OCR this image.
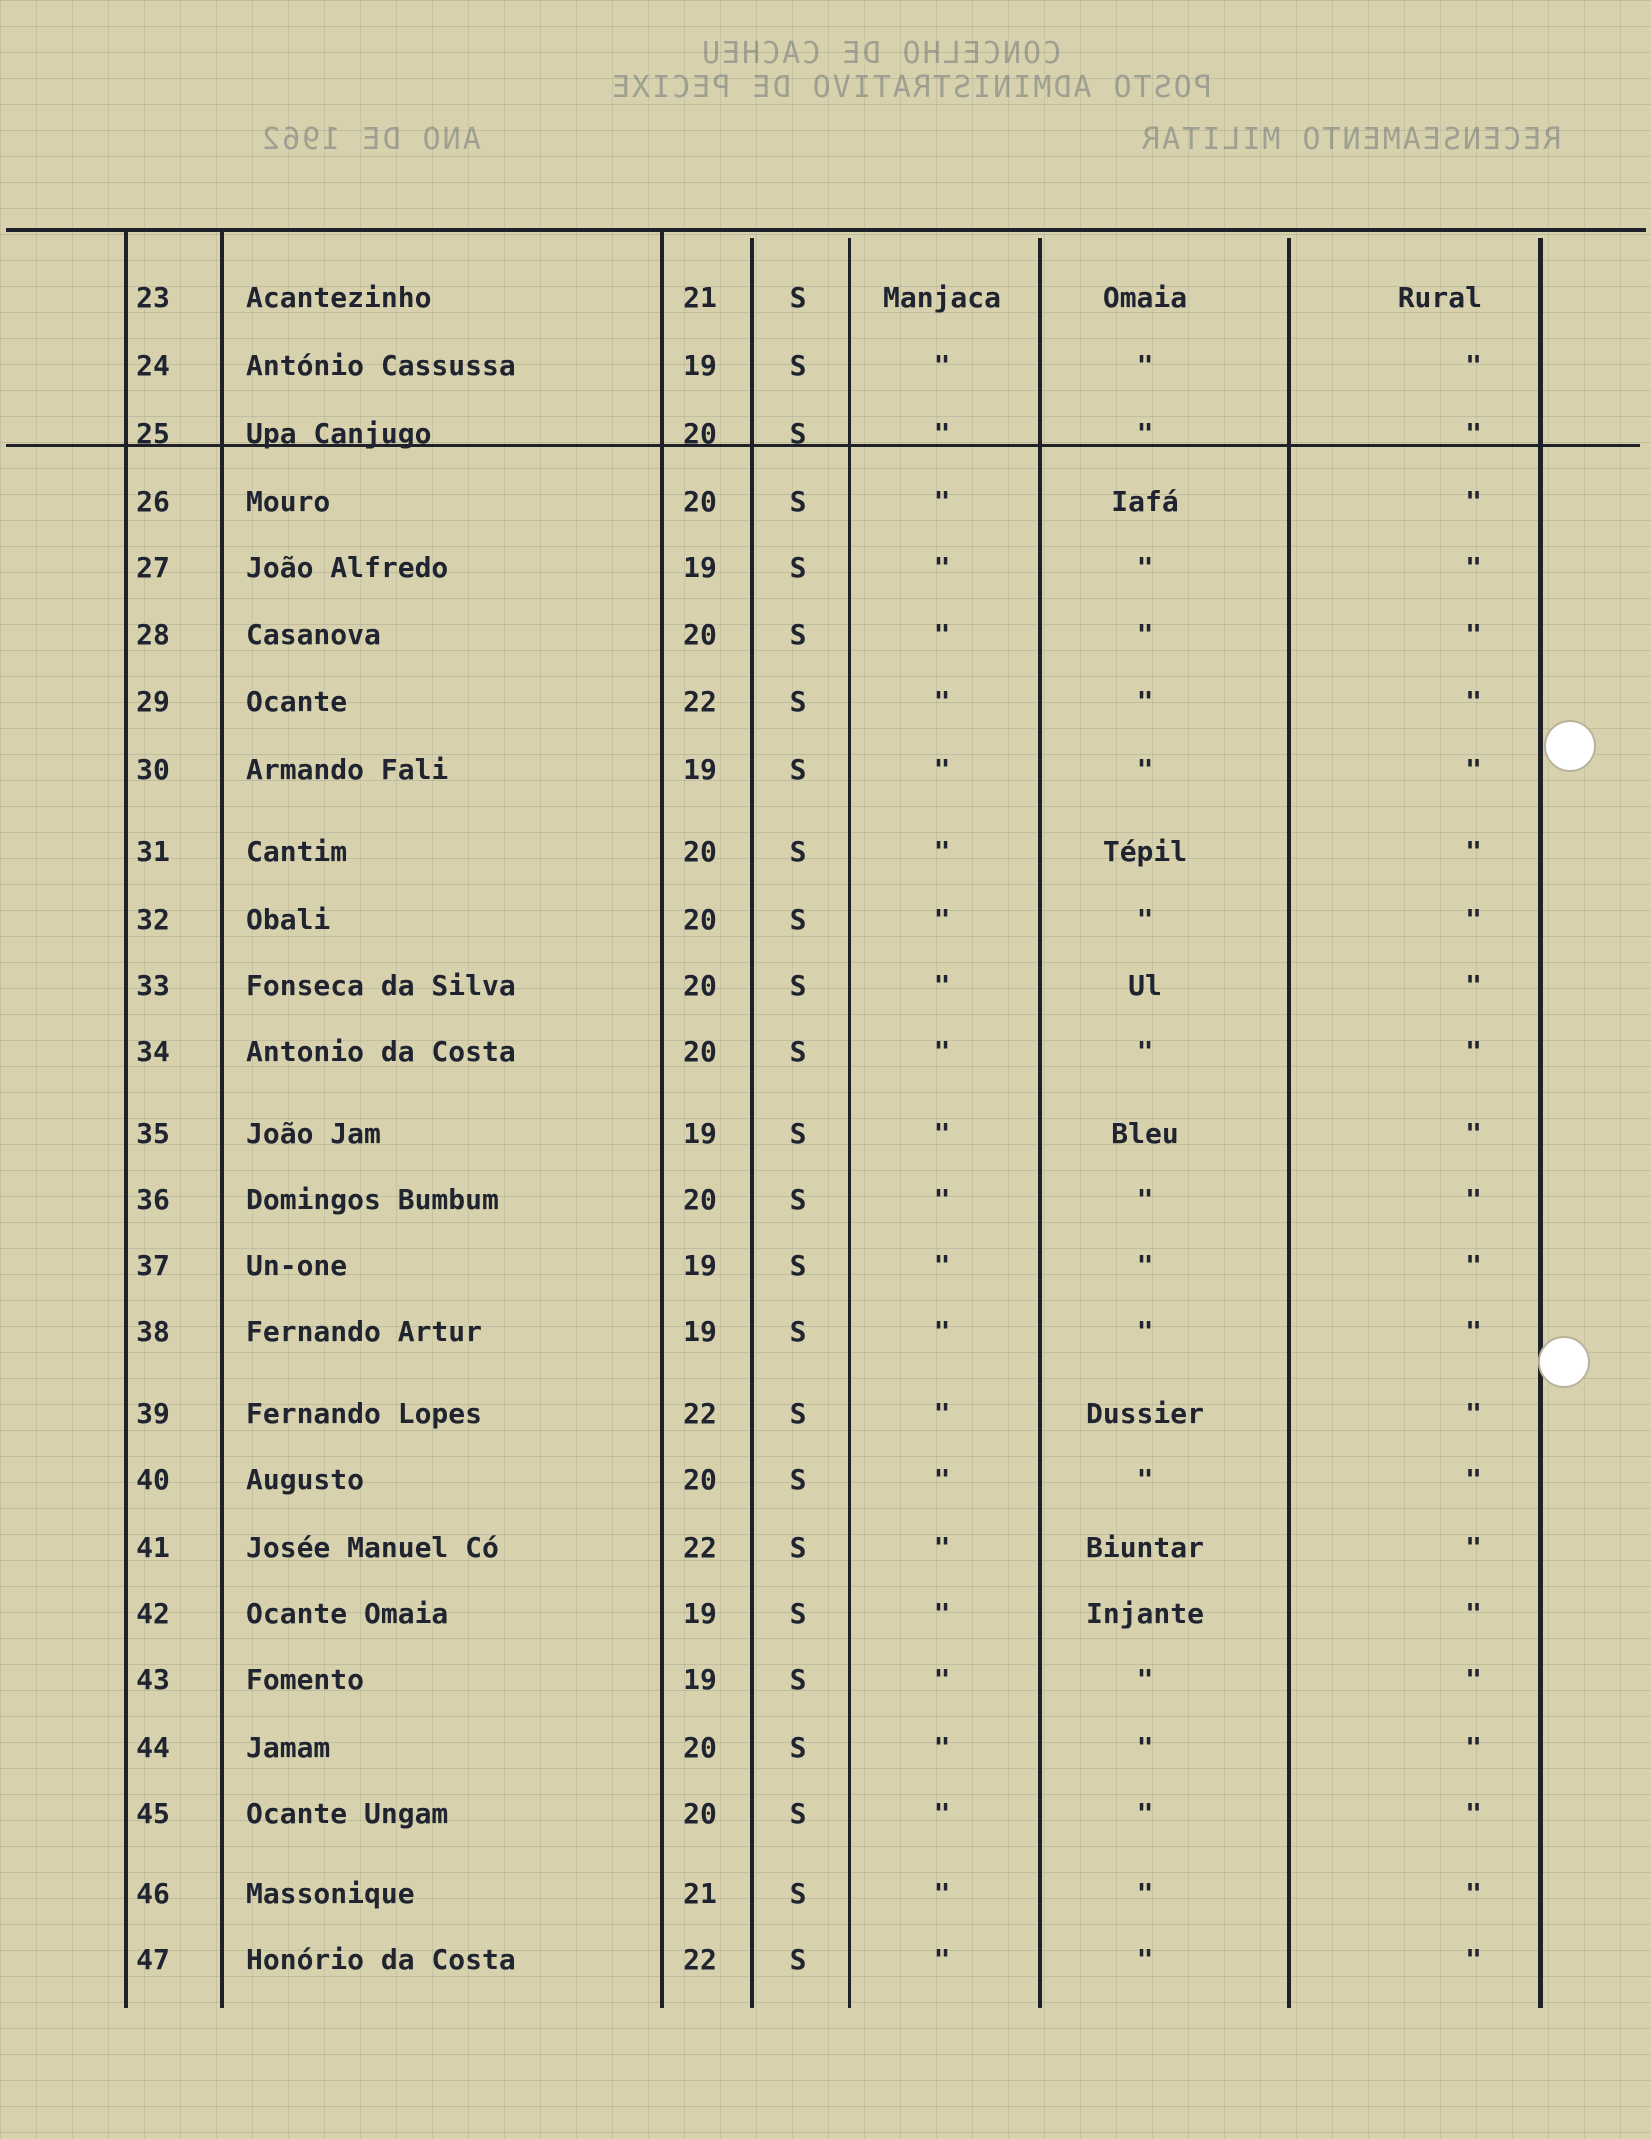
CONCELHO DE CACHEU
POSTO ADMINISTRATIVO DE PECIXE
ANO DE 1962	RECENSEAMENTO MILITAR
23	Acantezinho	21	S	Manjaca	Omaia	Rural
24	António Cassussa	19	S	"	"	"
25	Upa Canjugo	20	S	"	"	"
26	Mouro	20	S	"	Iafá	"
27	João Alfredo	19	S	"	"	"
28	Casanova	20	S	"	"	"
29	Ocante	22	S	"	"	"
30	Armando Fali	19	S	"	"	"
31	Cantim	20	S	"	Tépil	"
32	Obali	20	S	"	"	"
33	Fonseca da Silva	20	S	"	Ul	"
34	Antonio da Costa	20	S	"	"	"
35	João Jam	19	S	"	Bleu	"
36	Domingos Bumbum	20	S	"	"	"
37	Un-one	19	S	"	"	"
38	Fernando Artur	19	S	"	"	"
39	Fernando Lopes	22	S	"	Dussier	"
40	Augusto	20	S	"	"	"
41	Josée Manuel Có	22	S	"	Biuntar	"
42	Ocante Omaia	19	S	"	Injante	"
43	Fomento	19	S	"	"	"
44	Jamam	20	S	"	"	"
45	Ocante Ungam	20	S	"	"	"
46	Massonique	21	S	"	"	"
47	Honório da Costa	22	S	"	"	"
